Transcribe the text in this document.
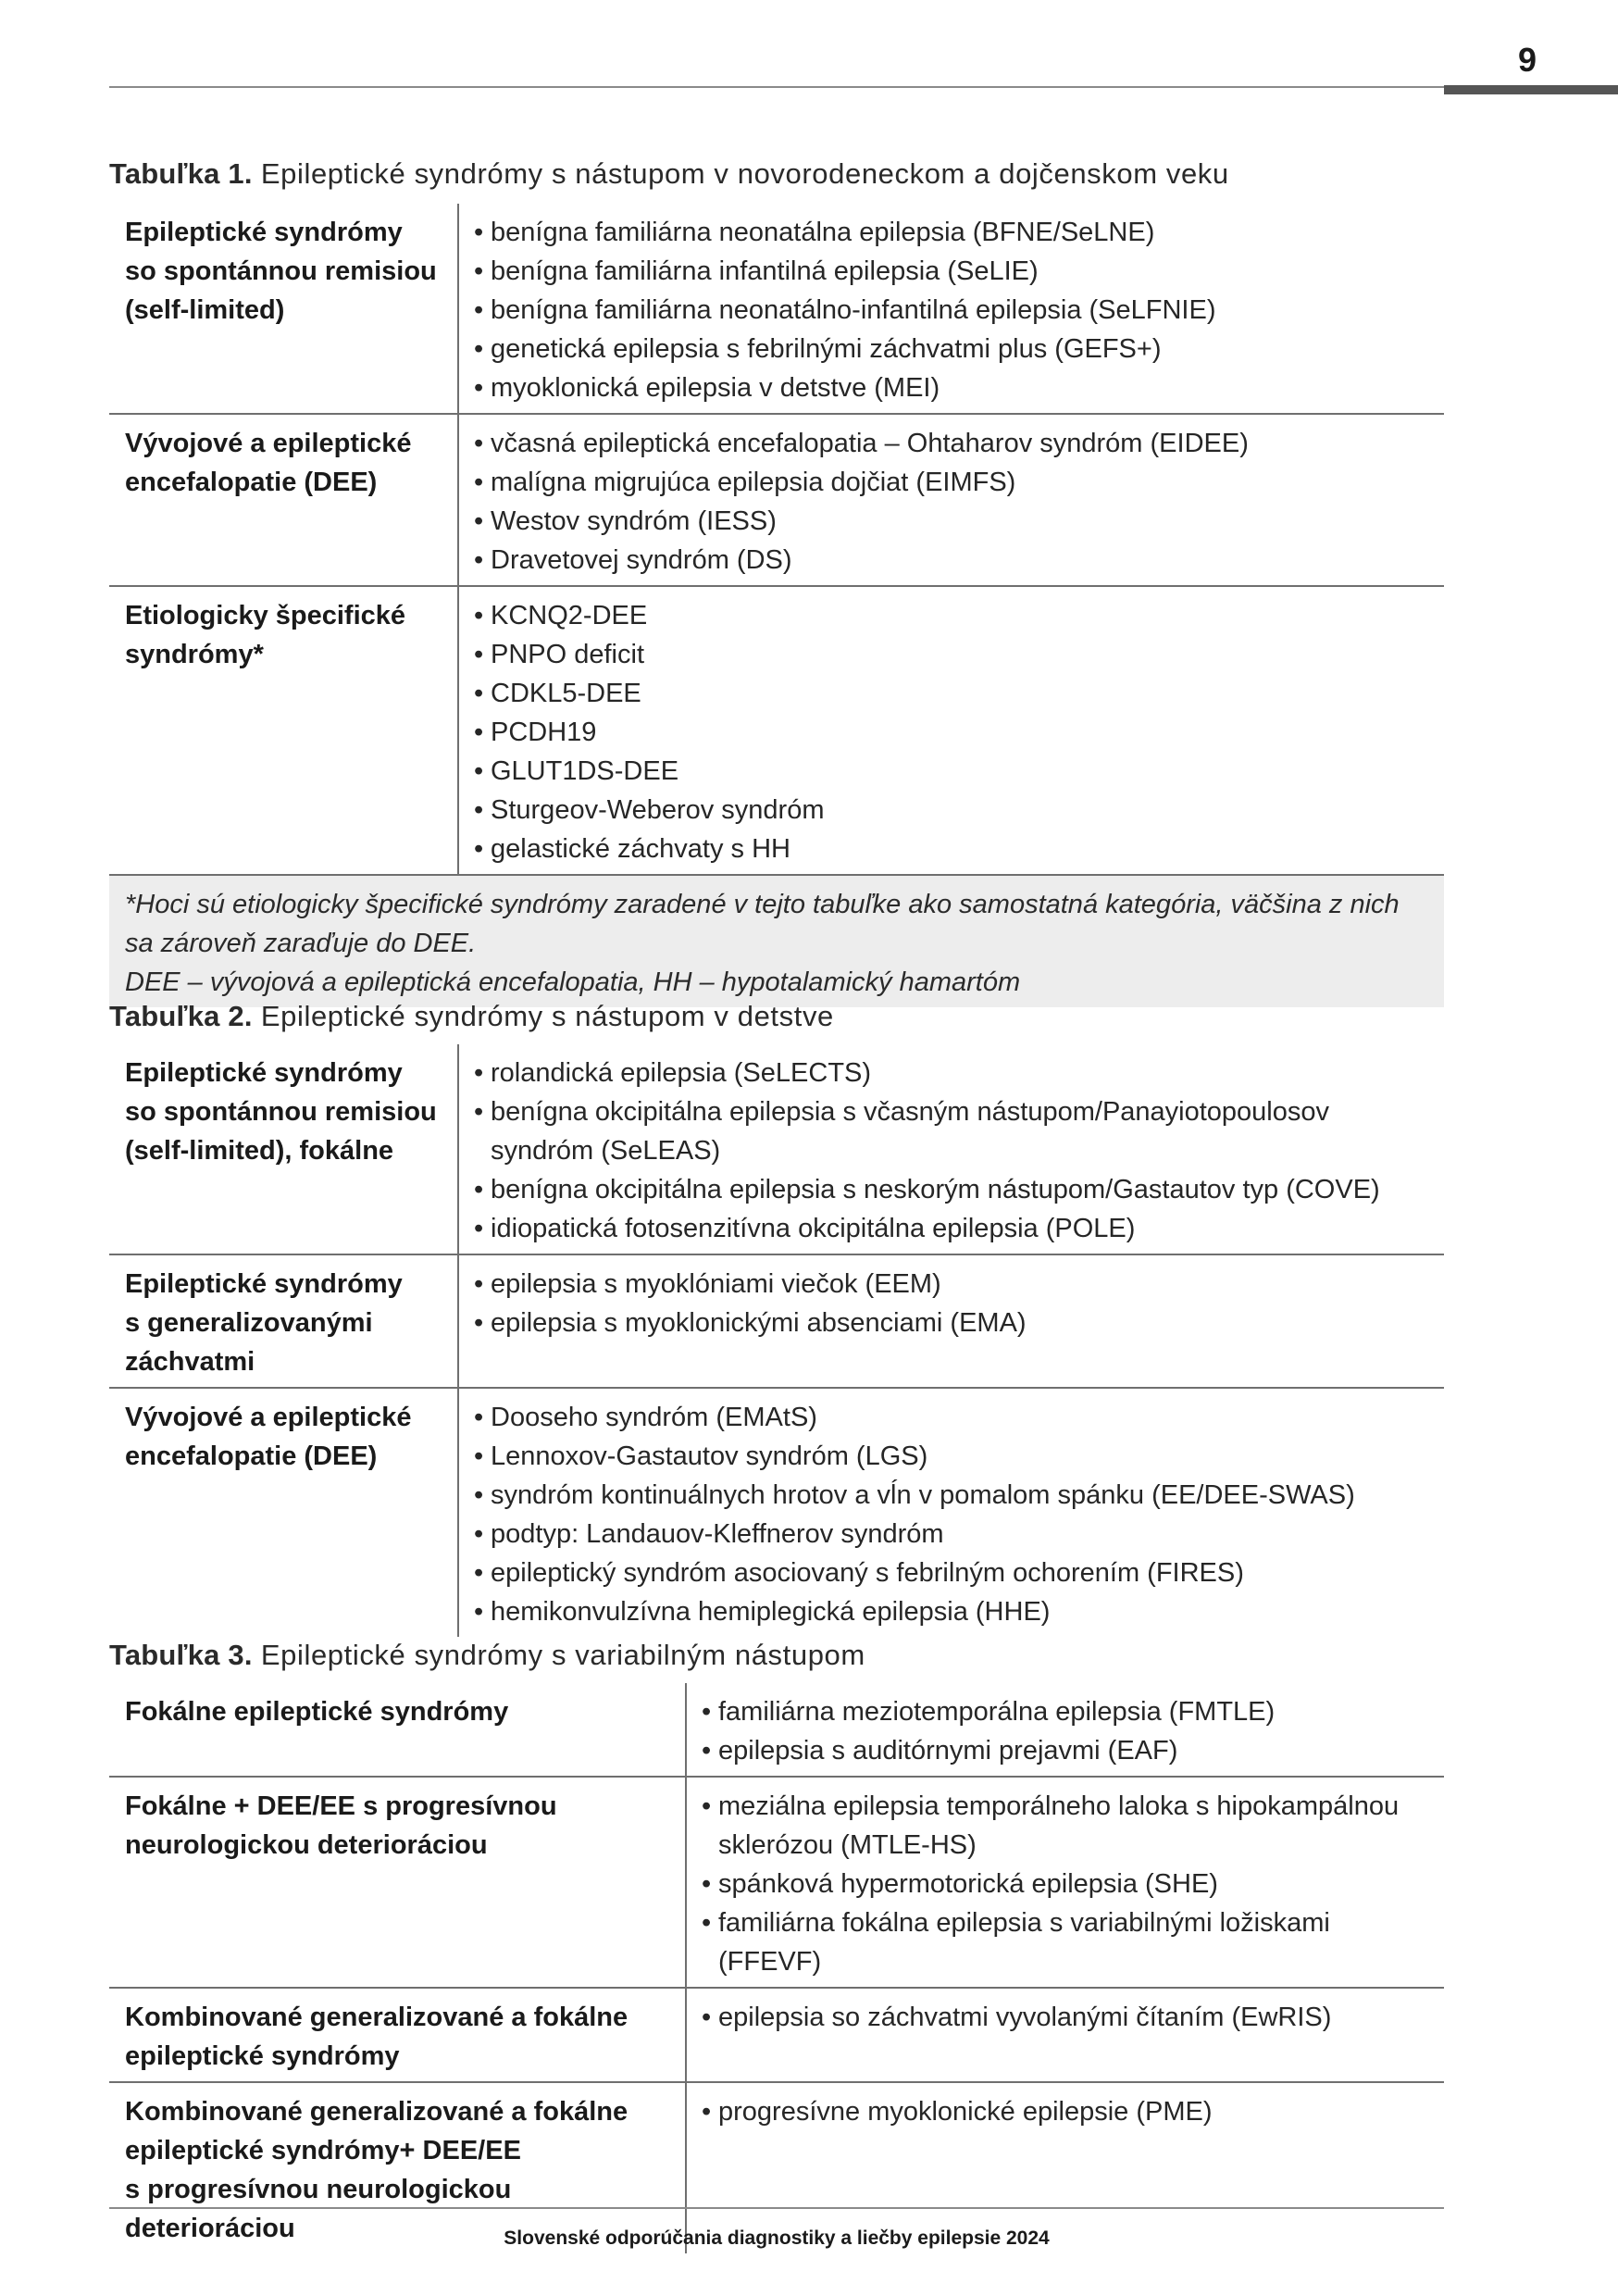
9
Tabuľka 1. Epileptické syndrómy s nástupom v novorodeneckom a dojčenskom veku
Epileptické syndrómy
so spontánnou remisiou
(self-limited)
• benígna familiárna neonatálna epilepsia (BFNE/SeLNE)
• benígna familiárna infantilná epilepsia (SeLIE)
• benígna familiárna neonatálno-infantilná epilepsia (SeLFNIE)
• genetická epilepsia s febrilnými záchvatmi plus (GEFS+)
• myoklonická epilepsia v detstve (MEI)
Vývojové a epileptické
encefalopatie (DEE)
• včasná epileptická encefalopatia – Ohtaharov syndróm (EIDEE)
• malígna migrujúca epilepsia dojčiat (EIMFS)
• Westov syndróm (IESS)
• Dravetovej syndróm (DS)
Etiologicky špecifické
syndrómy*
• KCNQ2-DEE
• PNPO deficit
• CDKL5-DEE
• PCDH19
• GLUT1DS-DEE
• Sturgeov-Weberov syndróm
• gelastické záchvaty s HH
*Hoci sú etiologicky špecifické syndrómy zaradené v tejto tabuľke ako samostatná kategória, väčšina z nich
sa zároveň zaraďuje do DEE.
DEE – vývojová a epileptická encefalopatia, HH – hypotalamický hamartóm
Tabuľka 2. Epileptické syndrómy s nástupom v detstve
Epileptické syndrómy
so spontánnou remisiou
(self-limited), fokálne
• rolandická epilepsia (SeLECTS)
• benígna okcipitálna epilepsia s včasným nástupom/Panayiotopoulosov syndróm (SeLEAS)
• benígna okcipitálna epilepsia s neskorým nástupom/Gastautov typ (COVE)
• idiopatická fotosenzitívna okcipitálna epilepsia (POLE)
Epileptické syndrómy
s generalizovanými
záchvatmi
• epilepsia s myoklóniami viečok (EEM)
• epilepsia s myoklonickými absenciami (EMA)
Vývojové a epileptické
encefalopatie (DEE)
• Dooseho syndróm (EMAtS)
• Lennoxov-Gastautov syndróm (LGS)
• syndróm kontinuálnych hrotov a vĺn v pomalom spánku (EE/DEE-SWAS)
• podtyp: Landauov-Kleffnerov syndróm
• epileptický syndróm asociovaný s febrilným ochorením (FIRES)
• hemikonvulzívna hemiplegická epilepsia (HHE)
Tabuľka 3. Epileptické syndrómy s variabilným nástupom
Fokálne epileptické syndrómy
•	familiárna meziotemporálna epilepsia (FMTLE)
• epilepsia s auditórnymi prejavmi (EAF)
Fokálne + DEE/EE s progresívnou
neurologickou deterioráciou
• meziálna epilepsia temporálneho laloka s hipokampálnou sklerózou (MTLE-HS)
• spánková hypermotorická epilepsia (SHE)
• familiárna fokálna epilepsia s variabilnými ložiskami (FFEVF)
Kombinované generalizované a fokálne
epileptické syndrómy
• epilepsia so záchvatmi vyvolanými čítaním (EwRIS)
Kombinované generalizované a fokálne
epileptické syndrómy+ DEE/EE
s progresívnou neurologickou deterioráciou
• progresívne myoklonické epilepsie (PME)
Slovenské odporúčania diagnostiky a liečby epilepsie 2024
